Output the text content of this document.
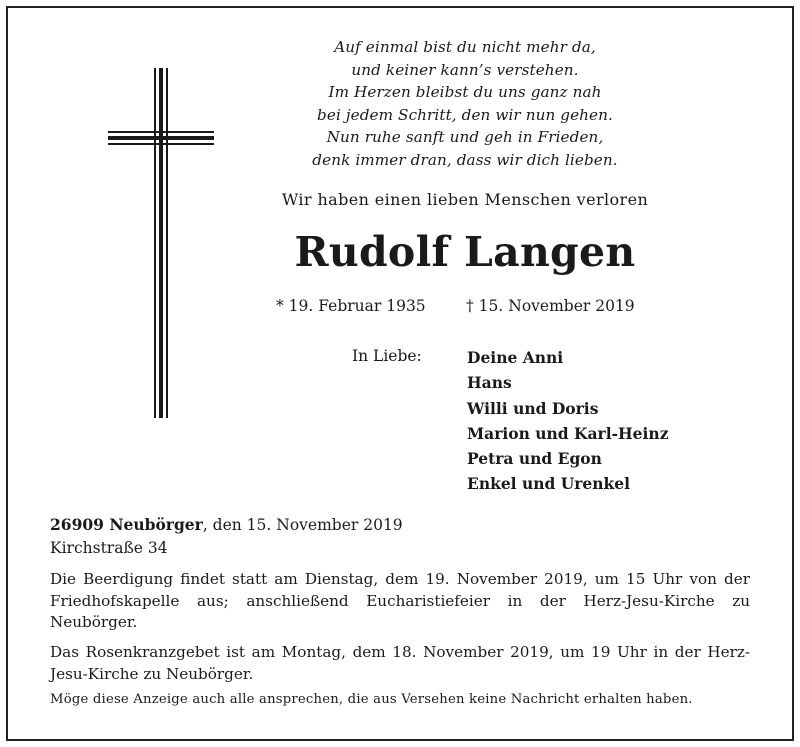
Auf einmal bist du nicht mehr da,
und keiner kann’s verstehen.
Im Herzen bleibst du uns ganz nah
bei jedem Schritt, den wir nun gehen.
Nun ruhe sanft und geh in Frieden,
denk immer dran, dass wir dich lieben.
Wir haben einen lieben Menschen verloren
Rudolf Langen
* 19. Februar 1935	† 15. November 2019
In Liebe:	Deine Anni
Hans
Willi und Doris
Marion und Karl-Heinz
Petra und Egon
Enkel und Urenkel
26909 Neubörger, den 15. November 2019
Kirchstraße 34
Die Beerdigung findet statt am Dienstag, dem 19. November 2019, um 15 Uhr von der Friedhofskapelle aus; anschließend Eucharistiefeier in der Herz-Jesu-Kirche zu Neubörger.
Das Rosenkranzgebet ist am Montag, dem 18. November 2019, um 19 Uhr in der Herz-Jesu-Kirche zu Neubörger.
Möge diese Anzeige auch alle ansprechen, die aus Versehen keine Nachricht erhalten haben.
